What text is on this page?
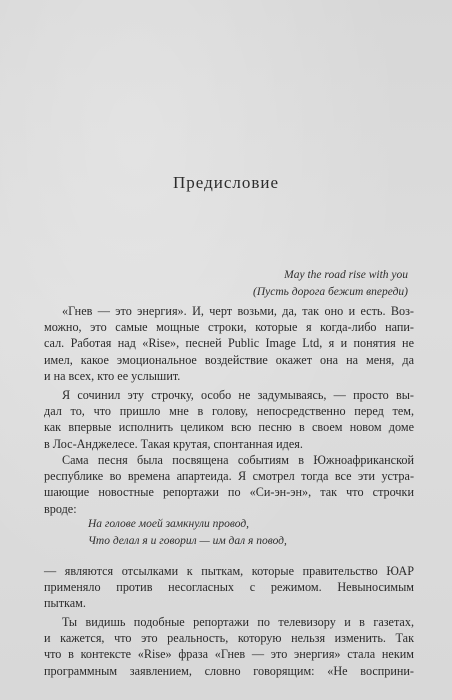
Предисловие
May the road rise with you
(Пусть дорога бежит впереди)
«Гнев — это энергия». И, черт возьми, да, так оно и есть. Воз-
можно, это самые мощные строки, которые я когда-либо напи-
сал. Работая над «Rise», песней Public Image Ltd, я и понятия не
имел, какое эмоциональное воздействие окажет она на меня, да
и на всех, кто ее услышит.
Я сочинил эту строчку, особо не задумываясь, — просто вы-
дал то, что пришло мне в голову, непосредственно перед тем,
как впервые исполнить целиком всю песню в своем новом доме
в Лос-Анджелесе. Такая крутая, спонтанная идея.
Сама песня была посвящена событиям в Южноафриканской
республике во времена апартеида. Я смотрел тогда все эти устра-
шающие новостные репортажи по «Си-эн-эн», так что строчки
вроде:
На голове моей замкнули провод,
Что делал я и говорил — им дал я повод,
— являются отсылками к пыткам, которые правительство ЮАР
применяло против несогласных с режимом. Невыносимым
пыткам.
Ты видишь подобные репортажи по телевизору и в газетах,
и кажется, что это реальность, которую нельзя изменить. Так
что в контексте «Rise» фраза «Гнев — это энергия» стала неким
программным заявлением, словно говорящим: «Не восприни-
